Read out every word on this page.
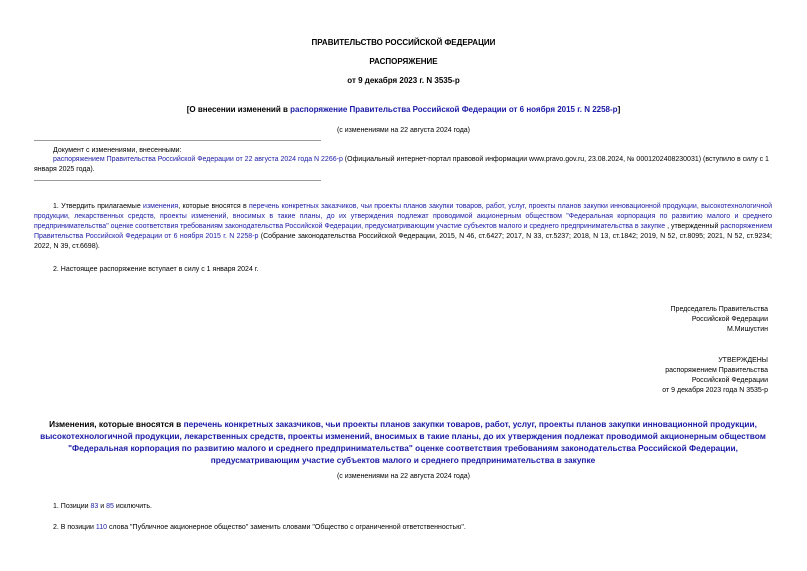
ПРАВИТЕЛЬСТВО РОССИЙСКОЙ ФЕДЕРАЦИИ
РАСПОРЯЖЕНИЕ
от 9 декабря 2023 г. N 3535-р
[О внесении изменений в распоряжение Правительства Российской Федерации от 6 ноября 2015 г. N 2258-р]
(с изменениями на 22 августа 2024 года)
Документ с изменениями, внесенными:
распоряжением Правительства Российской Федерации от 22 августа 2024 года N 2266-р (Официальный интернет-портал правовой информации www.pravo.gov.ru, 23.08.2024, № 0001202408230031) (вступило в силу с 1 января 2025 года).
1. Утвердить прилагаемые изменения, которые вносятся в перечень конкретных заказчиков, чьи проекты планов закупки товаров, работ, услуг, проекты планов закупки инновационной продукции, высокотехнологичной продукции, лекарственных средств, проекты изменений, вносимых в такие планы, до их утверждения подлежат проводимой акционерным обществом "Федеральная корпорация по развитию малого и среднего предпринимательства" оценке соответствия требованиям законодательства Российской Федерации, предусматривающим участие субъектов малого и среднего предпринимательства в закупке , утвержденный распоряжением Правительства Российской Федерации от 6 ноября 2015 г. N 2258-р (Собрание законодательства Российской Федерации, 2015, N 46, ст.6427; 2017, N 33, ст.5237; 2018, N 13, ст.1842; 2019, N 52, ст.8095; 2021, N 52, ст.9234; 2022, N 39, ст.6698).
2. Настоящее распоряжение вступает в силу с 1 января 2024 г.
Председатель Правительства
Российской Федерации
М.Мишустин
УТВЕРЖДЕНЫ
распоряжением Правительства
Российской Федерации
от 9 декабря 2023 года N 3535-р
Изменения, которые вносятся в перечень конкретных заказчиков, чьи проекты планов закупки товаров, работ, услуг, проекты планов закупки инновационной продукции, высокотехнологичной продукции, лекарственных средств, проекты изменений, вносимых в такие планы, до их утверждения подлежат проводимой акционерным обществом "Федеральная корпорация по развитию малого и среднего предпринимательства" оценке соответствия требованиям законодательства Российской Федерации, предусматривающим участие субъектов малого и среднего предпринимательства в закупке
(с изменениями на 22 августа 2024 года)
1. Позиции 83 и 85 исключить.
2. В позиции 110 слова "Публичное акционерное общество" заменить словами "Общество с ограниченной ответственностью".
